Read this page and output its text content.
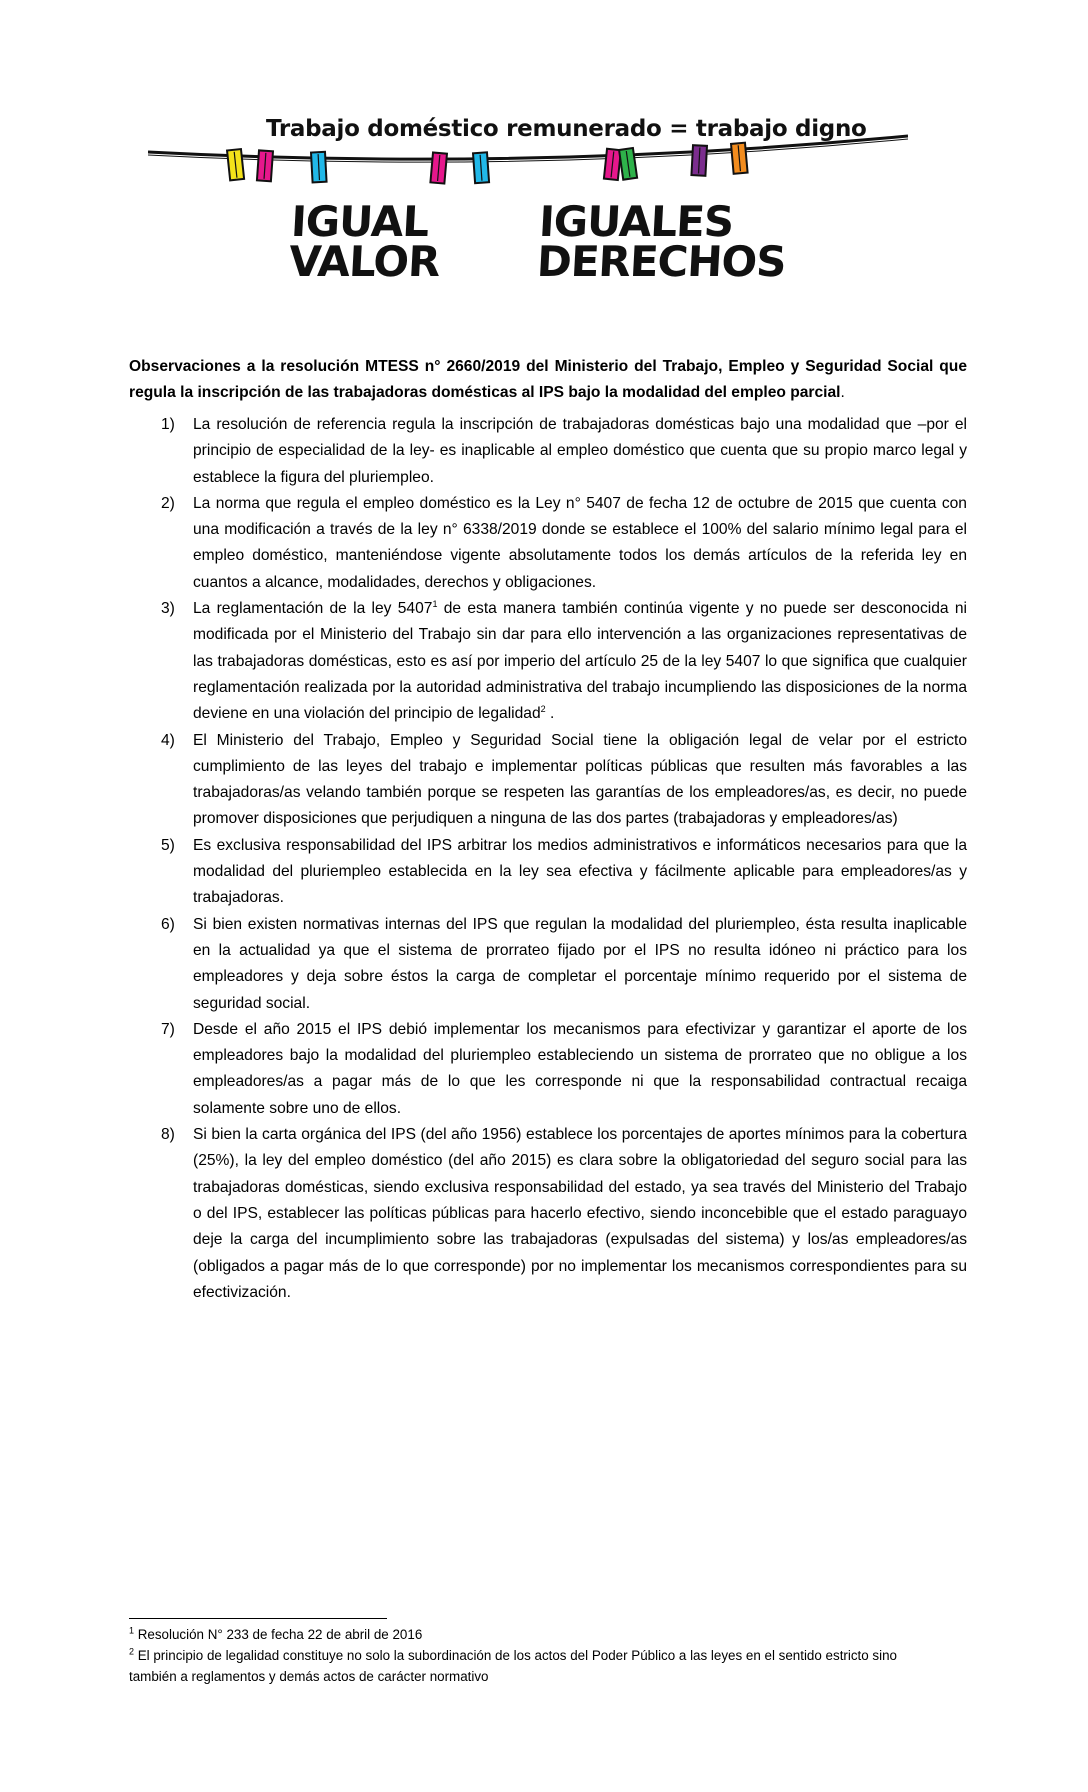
Trabajo doméstico remunerado = trabajo digno
IGUAL
VALOR
IGUALES
DERECHOS

Observaciones a la resolución MTESS n° 2660/2019 del Ministerio del Trabajo, Empleo y Seguridad Social que regula la inscripción de las trabajadoras domésticas al IPS bajo la modalidad del empleo parcial.

1) La resolución de referencia regula la inscripción de trabajadoras domésticas bajo una modalidad que –por el principio de especialidad de la ley- es inaplicable al empleo doméstico que cuenta que su propio marco legal y establece la figura del pluriempleo.
2) La norma que regula el empleo doméstico es la Ley n° 5407 de fecha 12 de octubre de 2015 que cuenta con una modificación a través de la ley n° 6338/2019 donde se establece el 100% del salario mínimo legal para el empleo doméstico, manteniéndose vigente absolutamente todos los demás artículos de la referida ley en cuantos a alcance, modalidades, derechos y obligaciones.
3) La reglamentación de la ley 5407$^1$ de esta manera también continúa vigente y no puede ser desconocida ni modificada por el Ministerio del Trabajo sin dar para ello intervención a las organizaciones representativas de las trabajadoras domésticas, esto es así por imperio del artículo 25 de la ley 5407 lo que significa que cualquier reglamentación realizada por la autoridad administrativa del trabajo incumpliendo las disposiciones de la norma deviene en una violación del principio de legalidad$^2$ .
4) El Ministerio del Trabajo, Empleo y Seguridad Social tiene la obligación legal de velar por el estricto cumplimiento de las leyes del trabajo e implementar políticas públicas que resulten más favorables a las trabajadoras/as velando también porque se respeten las garantías de los empleadores/as, es decir, no puede promover disposiciones que perjudiquen a ninguna de las dos partes (trabajadoras y empleadores/as)
5) Es exclusiva responsabilidad del IPS arbitrar los medios administrativos e informáticos necesarios para que la modalidad del pluriempleo establecida en la ley sea efectiva y fácilmente aplicable para empleadores/as y trabajadoras.
6) Si bien existen normativas internas del IPS que regulan la modalidad del pluriempleo, ésta resulta inaplicable en la actualidad ya que el sistema de prorrateo fijado por el IPS no resulta idóneo ni práctico para los empleadores y deja sobre éstos la carga de completar el porcentaje mínimo requerido por el sistema de seguridad social.
7) Desde el año 2015 el IPS debió implementar los mecanismos para efectivizar y garantizar el aporte de los empleadores bajo la modalidad del pluriempleo estableciendo un sistema de prorrateo que no obligue a los empleadores/as a pagar más de lo que les corresponde ni que la responsabilidad contractual recaiga solamente sobre uno de ellos.
8) Si bien la carta orgánica del IPS (del año 1956) establece los porcentajes de aportes mínimos para la cobertura (25%), la ley del empleo doméstico (del año 2015) es clara sobre la obligatoriedad del seguro social para las trabajadoras domésticas, siendo exclusiva responsabilidad del estado, ya sea través del Ministerio del Trabajo o del IPS, establecer las políticas públicas para hacerlo efectivo, siendo inconcebible que el estado paraguayo deje la carga del incumplimiento sobre las trabajadoras (expulsadas del sistema) y los/as empleadores/as (obligados a pagar más de lo que corresponde) por no implementar los mecanismos correspondientes para su efectivización.

$^1$ Resolución N° 233 de fecha 22 de abril de 2016

$^2$ El principio de legalidad constituye no solo la subordinación de los actos del Poder Público a las leyes en el sentido estricto sino también a reglamentos y demás actos de carácter normativo
